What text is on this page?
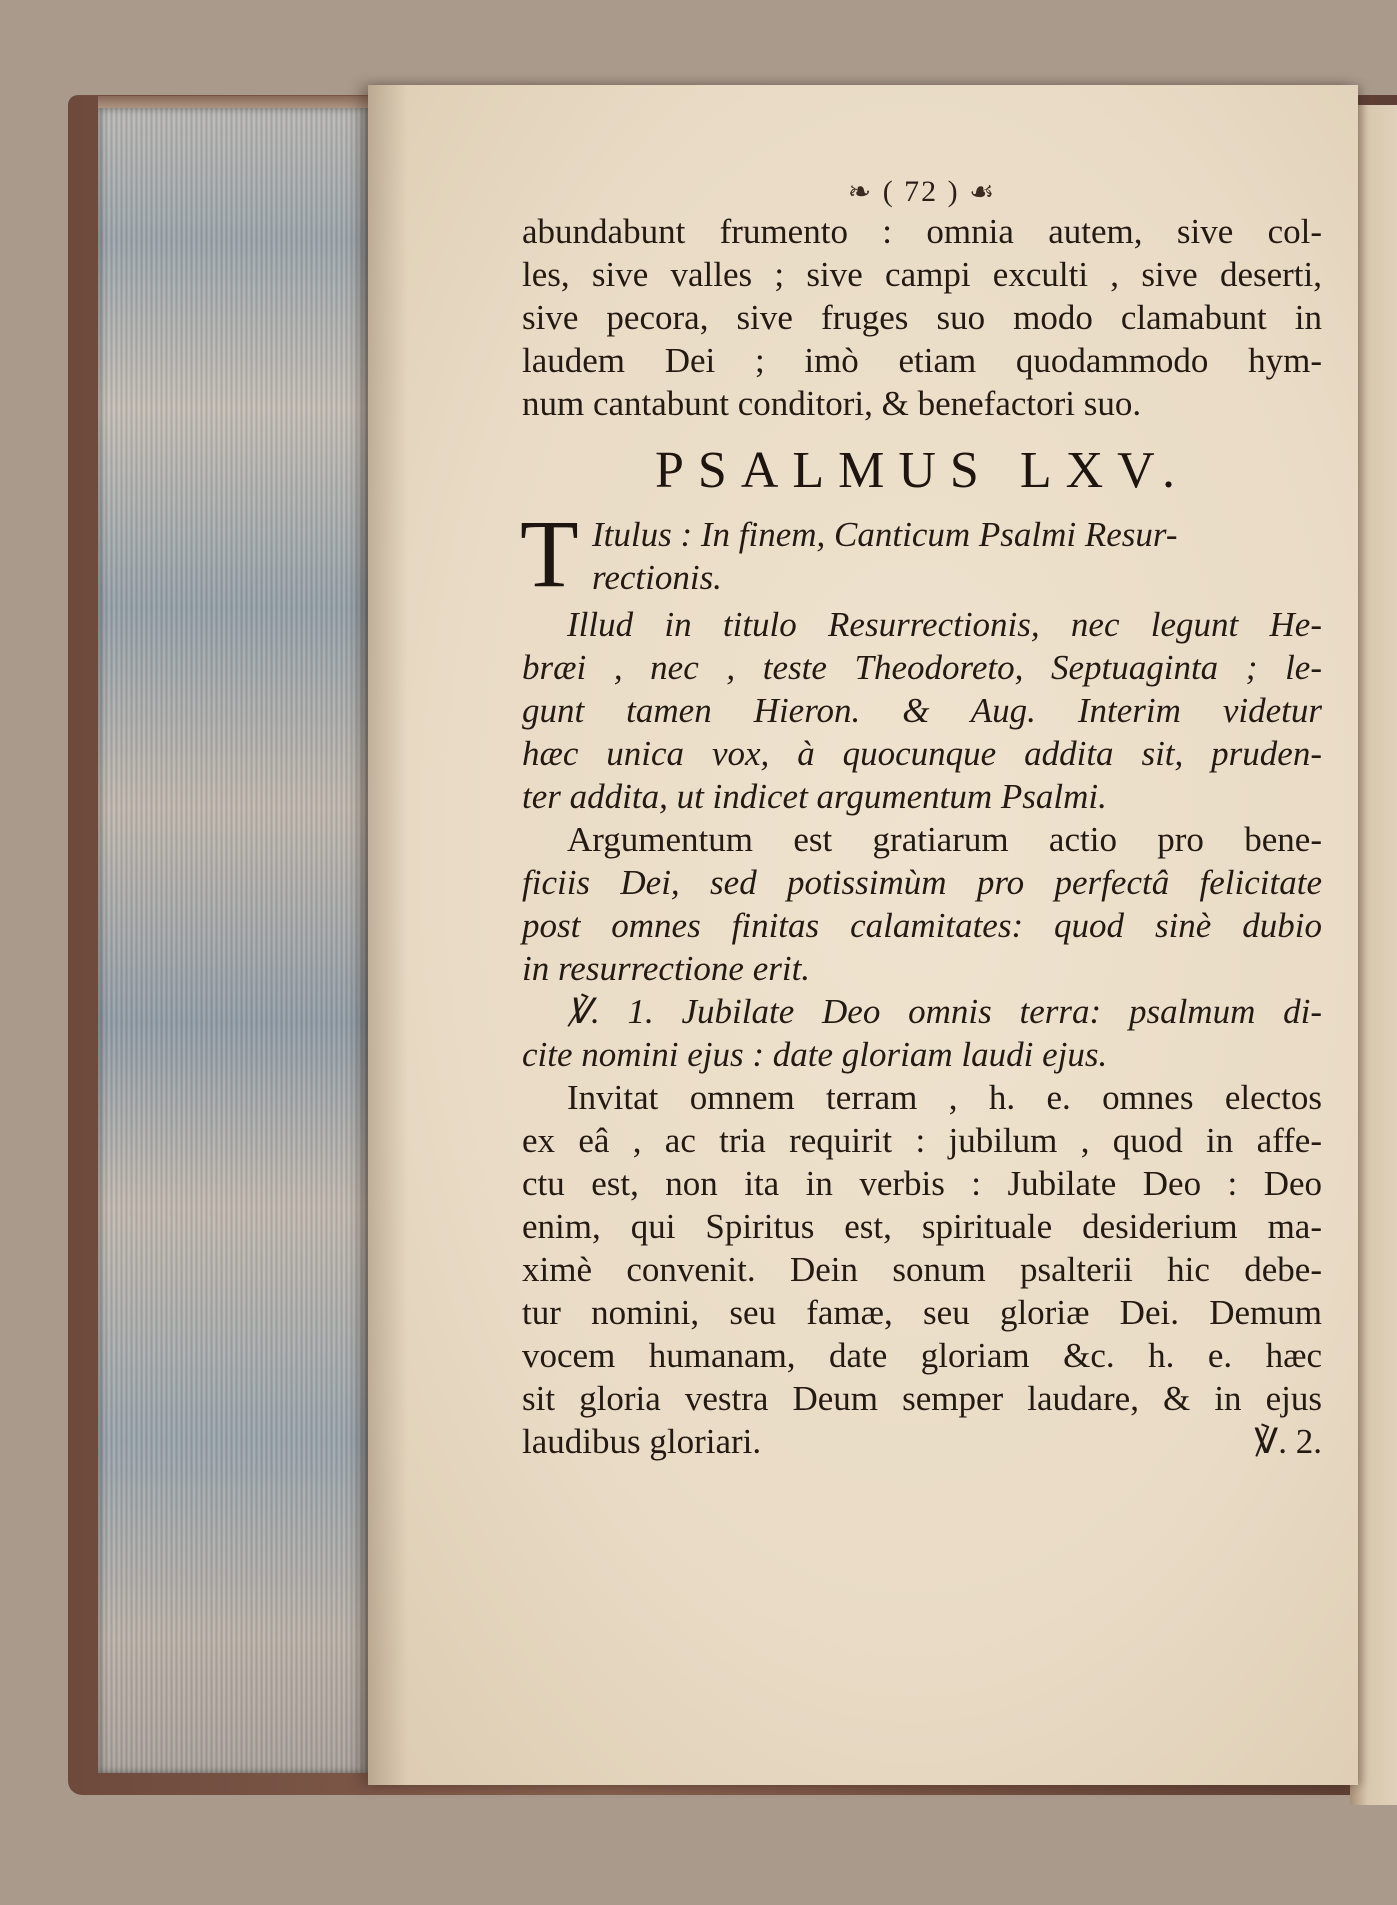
❧ ( 72 ) ☙
abundabunt frumento : omnia autem, sive col-
les, sive valles ; sive campi exculti , sive deserti,
sive pecora, sive fruges suo modo clamabunt in
laudem Dei ; imò etiam quodammodo hym-
num cantabunt conditori, & benefactori suo.
PSALMUS LXV.
T Itulus : In finem, Canticum Psalmi Resur-
rectionis.
Illud in titulo Resurrectionis, nec legunt He-
bræi , nec , teste Theodoreto, Septuaginta ; le-
gunt tamen Hieron. & Aug. Interim videtur
hæc unica vox, à quocunque addita sit, pruden-
ter addita, ut indicet argumentum Psalmi.
Argumentum est gratiarum actio pro bene-
ficiis Dei, sed potissimùm pro perfectâ felicitate
post omnes finitas calamitates: quod sinè dubio
in resurrectione erit.
℣. 1. Jubilate Deo omnis terra: psalmum di-
cite nomini ejus : date gloriam laudi ejus.
Invitat omnem terram , h. e. omnes electos
ex eâ , ac tria requirit : jubilum , quod in affe-
ctu est, non ita in verbis : Jubilate Deo : Deo
enim, qui Spiritus est, spirituale desiderium ma-
ximè convenit. Dein sonum psalterii hic debe-
tur nomini, seu famæ, seu gloriæ Dei. Demum
vocem humanam, date gloriam &c. h. e. hæc
sit gloria vestra Deum semper laudare, & in ejus
laudibus gloriari.	℣. 2.
